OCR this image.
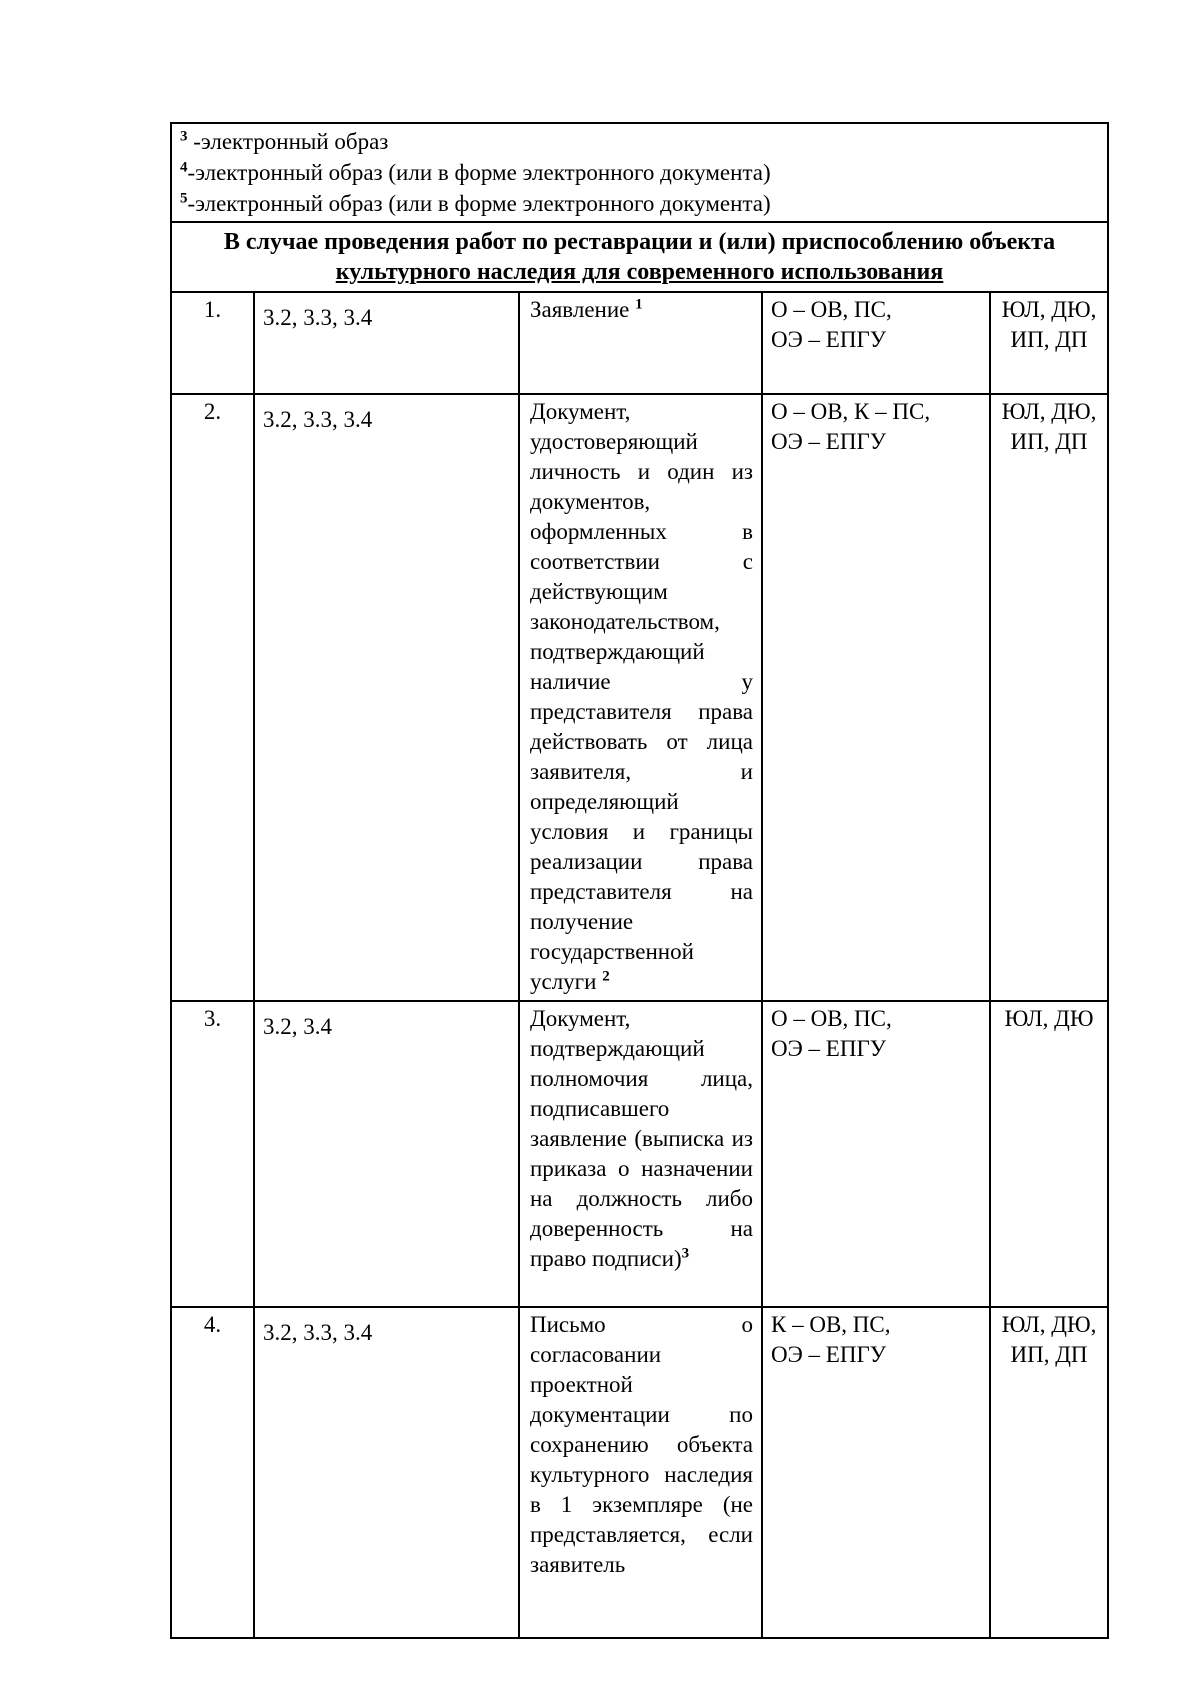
$^3$ -электронный образ
$^4$-электронный образ (или в форме электронного документа)
$^5$-электронный образ (или в форме электронного документа)				

В случае проведения работ по реставрации и (или) приспособлению объекта
культурного наследия для современного использования				
1.	3.2, 3.3, 3.4	Заявление $^1$	О – ОВ, ПС,
ОЭ – ЕПГУ	ЮЛ, ДЮ,
ИП, ДП

2.	3.2, 3.3, 3.4	Документ, удостоверяющий личность и один из документов, оформленных в соответствии с действующим законодательством, подтверждающий наличие у представителя права действовать от лица заявителя, и определяющий условия и границы реализации права представителя на получение государственной услуги $^2$	О – ОВ, К – ПС,
ОЭ – ЕПГУ	ЮЛ, ДЮ,
ИП, ДП

3.	3.2, 3.4	Документ, подтверждающий полномочия лица, подписавшего заявление (выписка из приказа о назначении на должность либо доверенность на право подписи)$^3$	О – ОВ, ПС,
ОЭ – ЕПГУ	ЮЛ, ДЮ

4.	3.2, 3.3, 3.4	Письмо о согласовании проектной документации по сохранению объекта культурного наследия в 1 экземпляре (не представляется, если заявитель	К – ОВ, ПС,
ОЭ – ЕПГУ	ЮЛ, ДЮ,
ИП, ДП
